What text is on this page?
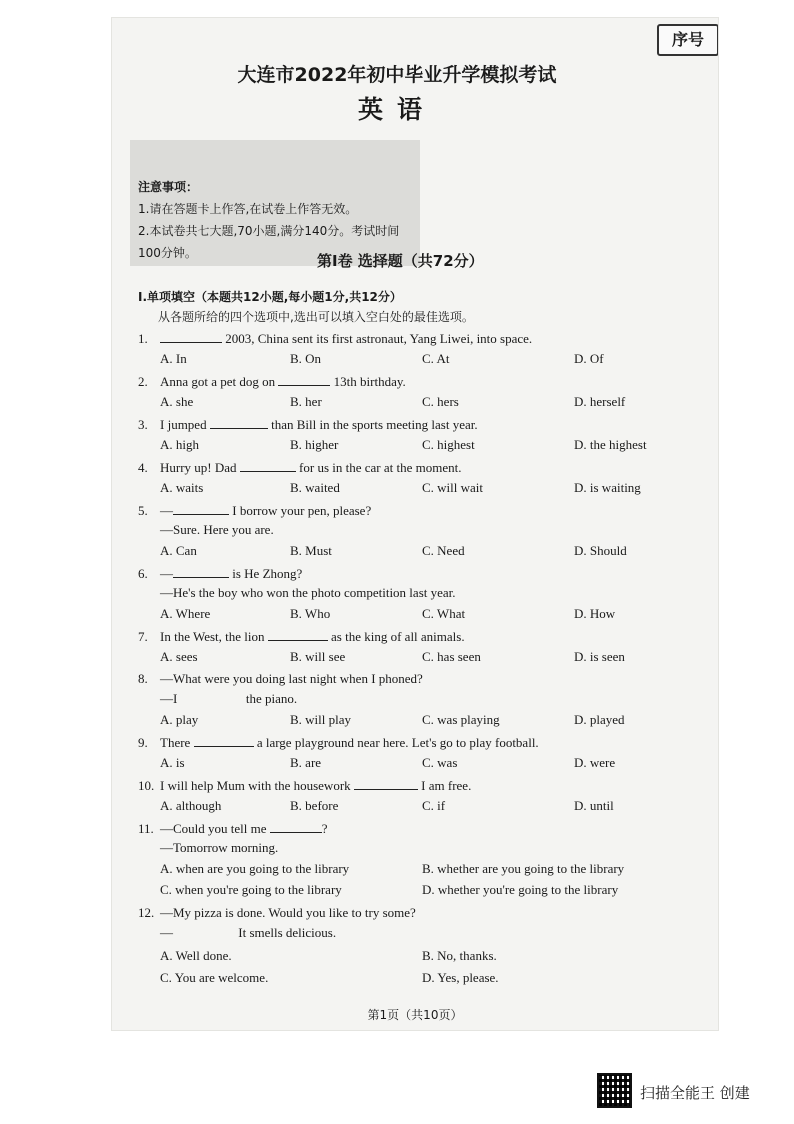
序号
大连市2022年初中毕业升学模拟考试
英语
注意事项：
1.请在答题卡上作答,在试卷上作答无效。
2.本试卷共七大题,70小题,满分140分。考试时间100分钟。	第Ⅰ卷 选择题（共72分）
Ⅰ.单项填空（本题共12小题,每小题1分,共12分）
从各题所给的四个选项中,选出可以填入空白处的最佳选项。
1.	2003, China sent its first astronaut, Yang Liwei, into space.
A. In	B. On	C. At	D. Of
2. Anna got a pet dog on	13th birthday.
A. she	B. her	C. hers	D. herself
3. I jumped	than Bill in the sports meeting last year.
A. high	B. higher	C. highest	D. the highest
4. Hurry up! Dad	for us in the car at the moment.
A. waits	B. waited	C. will wait	D. is waiting
5. —	I borrow your pen, please?
—Sure. Here you are.
A. Can	B. Must	C. Need	D. Should
6. —	is He Zhong?
—He's the boy who won the photo competition last year.
A. Where	B. Who	C. What	D. How
7. In the West, the lion	as the king of all animals.
A. sees	B. will see	C. has seen	D. is seen
8. —What were you doing last night when I phoned?
—I	the piano.
A. play	B. will play	C. was playing	D. played
9. There	a large playground near here. Let's go to play football.
A. is	B. are	C. was	D. were
10. I will help Mum with the housework	I am free.
A. although	B. before	C. if	D. until
11. —Could you tell me	?
—Tomorrow morning.
A. when are you going to the library	B. whether are you going to the library
C. when you're going to the library	D. whether you're going to the library
12. —My pizza is done. Would you like to try some?
—	It smells delicious.
A. Well done.	B. No, thanks.
C. You are welcome.	D. Yes, please.
第1页（共10页）
扫描全能王 创建
